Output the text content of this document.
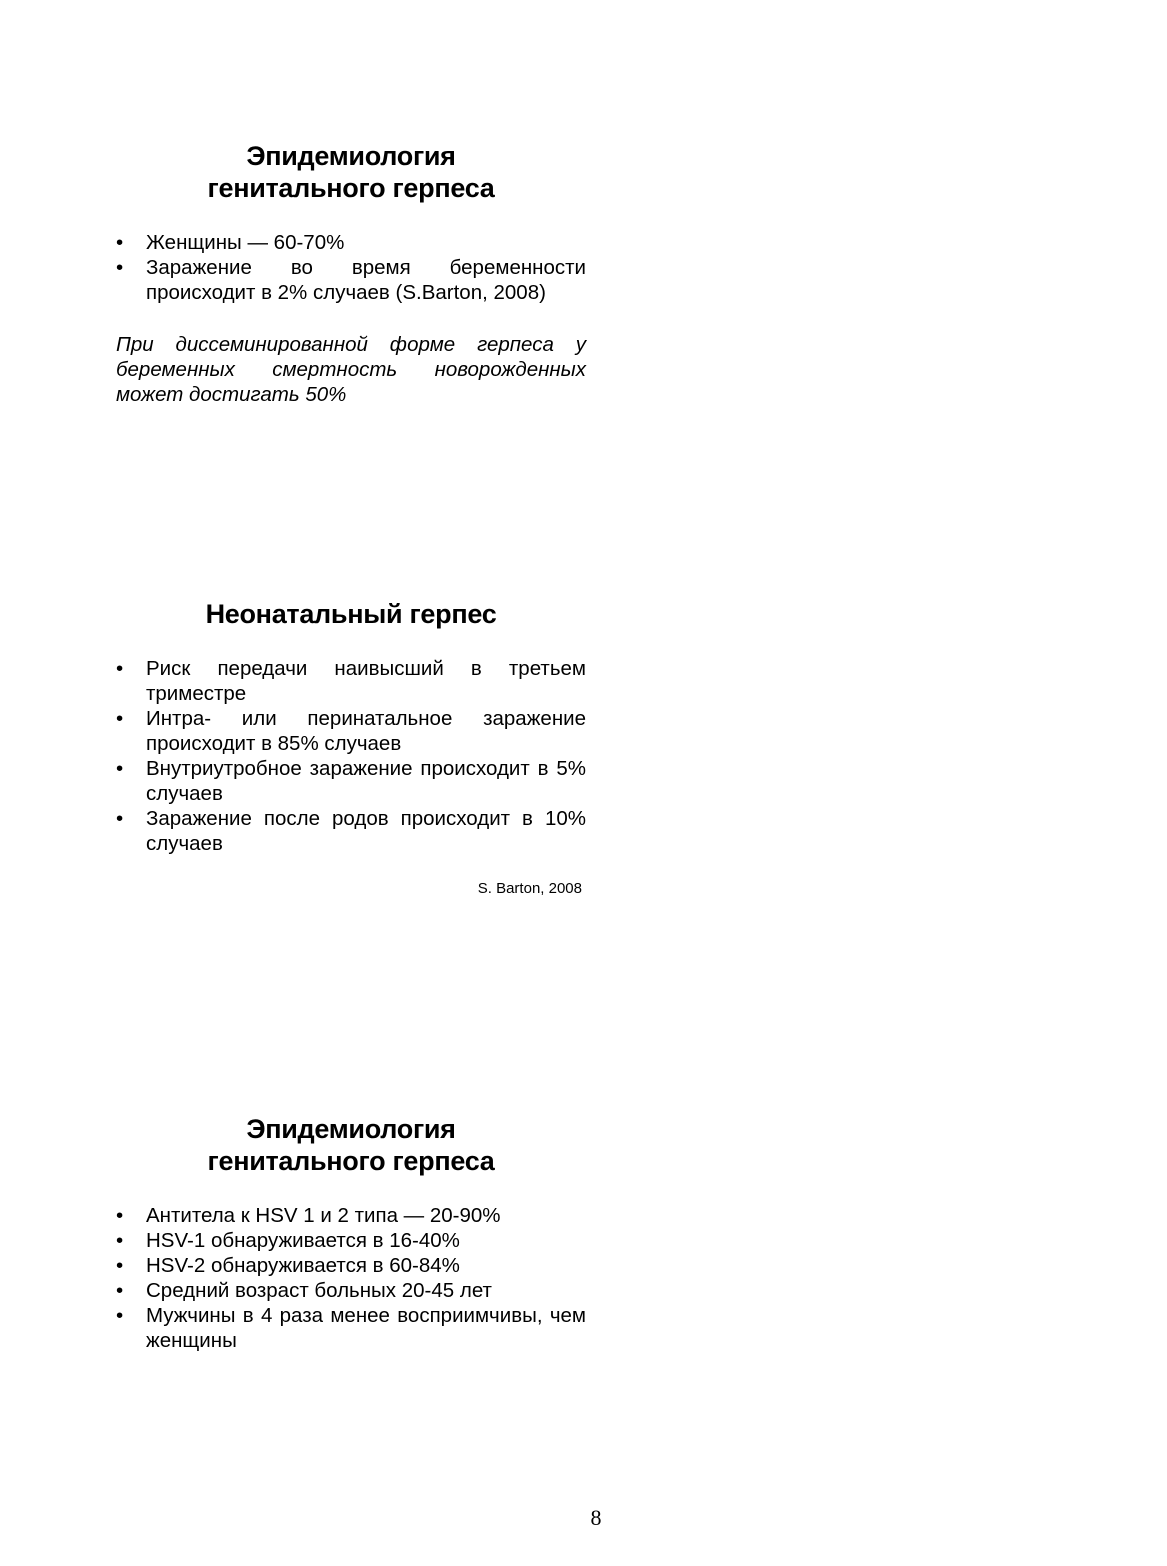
Эпидемиология
генитального герпеса
• Женщины — 60-70%
• Заражение во время беременности происходит в 2% случаев (S.Barton, 2008)

При диссеминированной форме герпеса у беременных смертность новорожденных может достигать 50%

Неонатальный герпес
• Риск передачи наивысший в третьем триместре
• Интра- или перинатальное заражение происходит в 85% случаев
• Внутриутробное заражение происходит в 5% случаев
• Заражение после родов происходит в 10% случаев

S. Barton, 2008

Эпидемиология
генитального герпеса
• Антитела к HSV 1 и 2 типа — 20-90%
• HSV-1 обнаруживается в 16-40%
• HSV-2 обнаруживается в 60-84%
• Средний возраст больных 20-45 лет
• Мужчины в 4 раза менее восприимчивы, чем женщины
8
